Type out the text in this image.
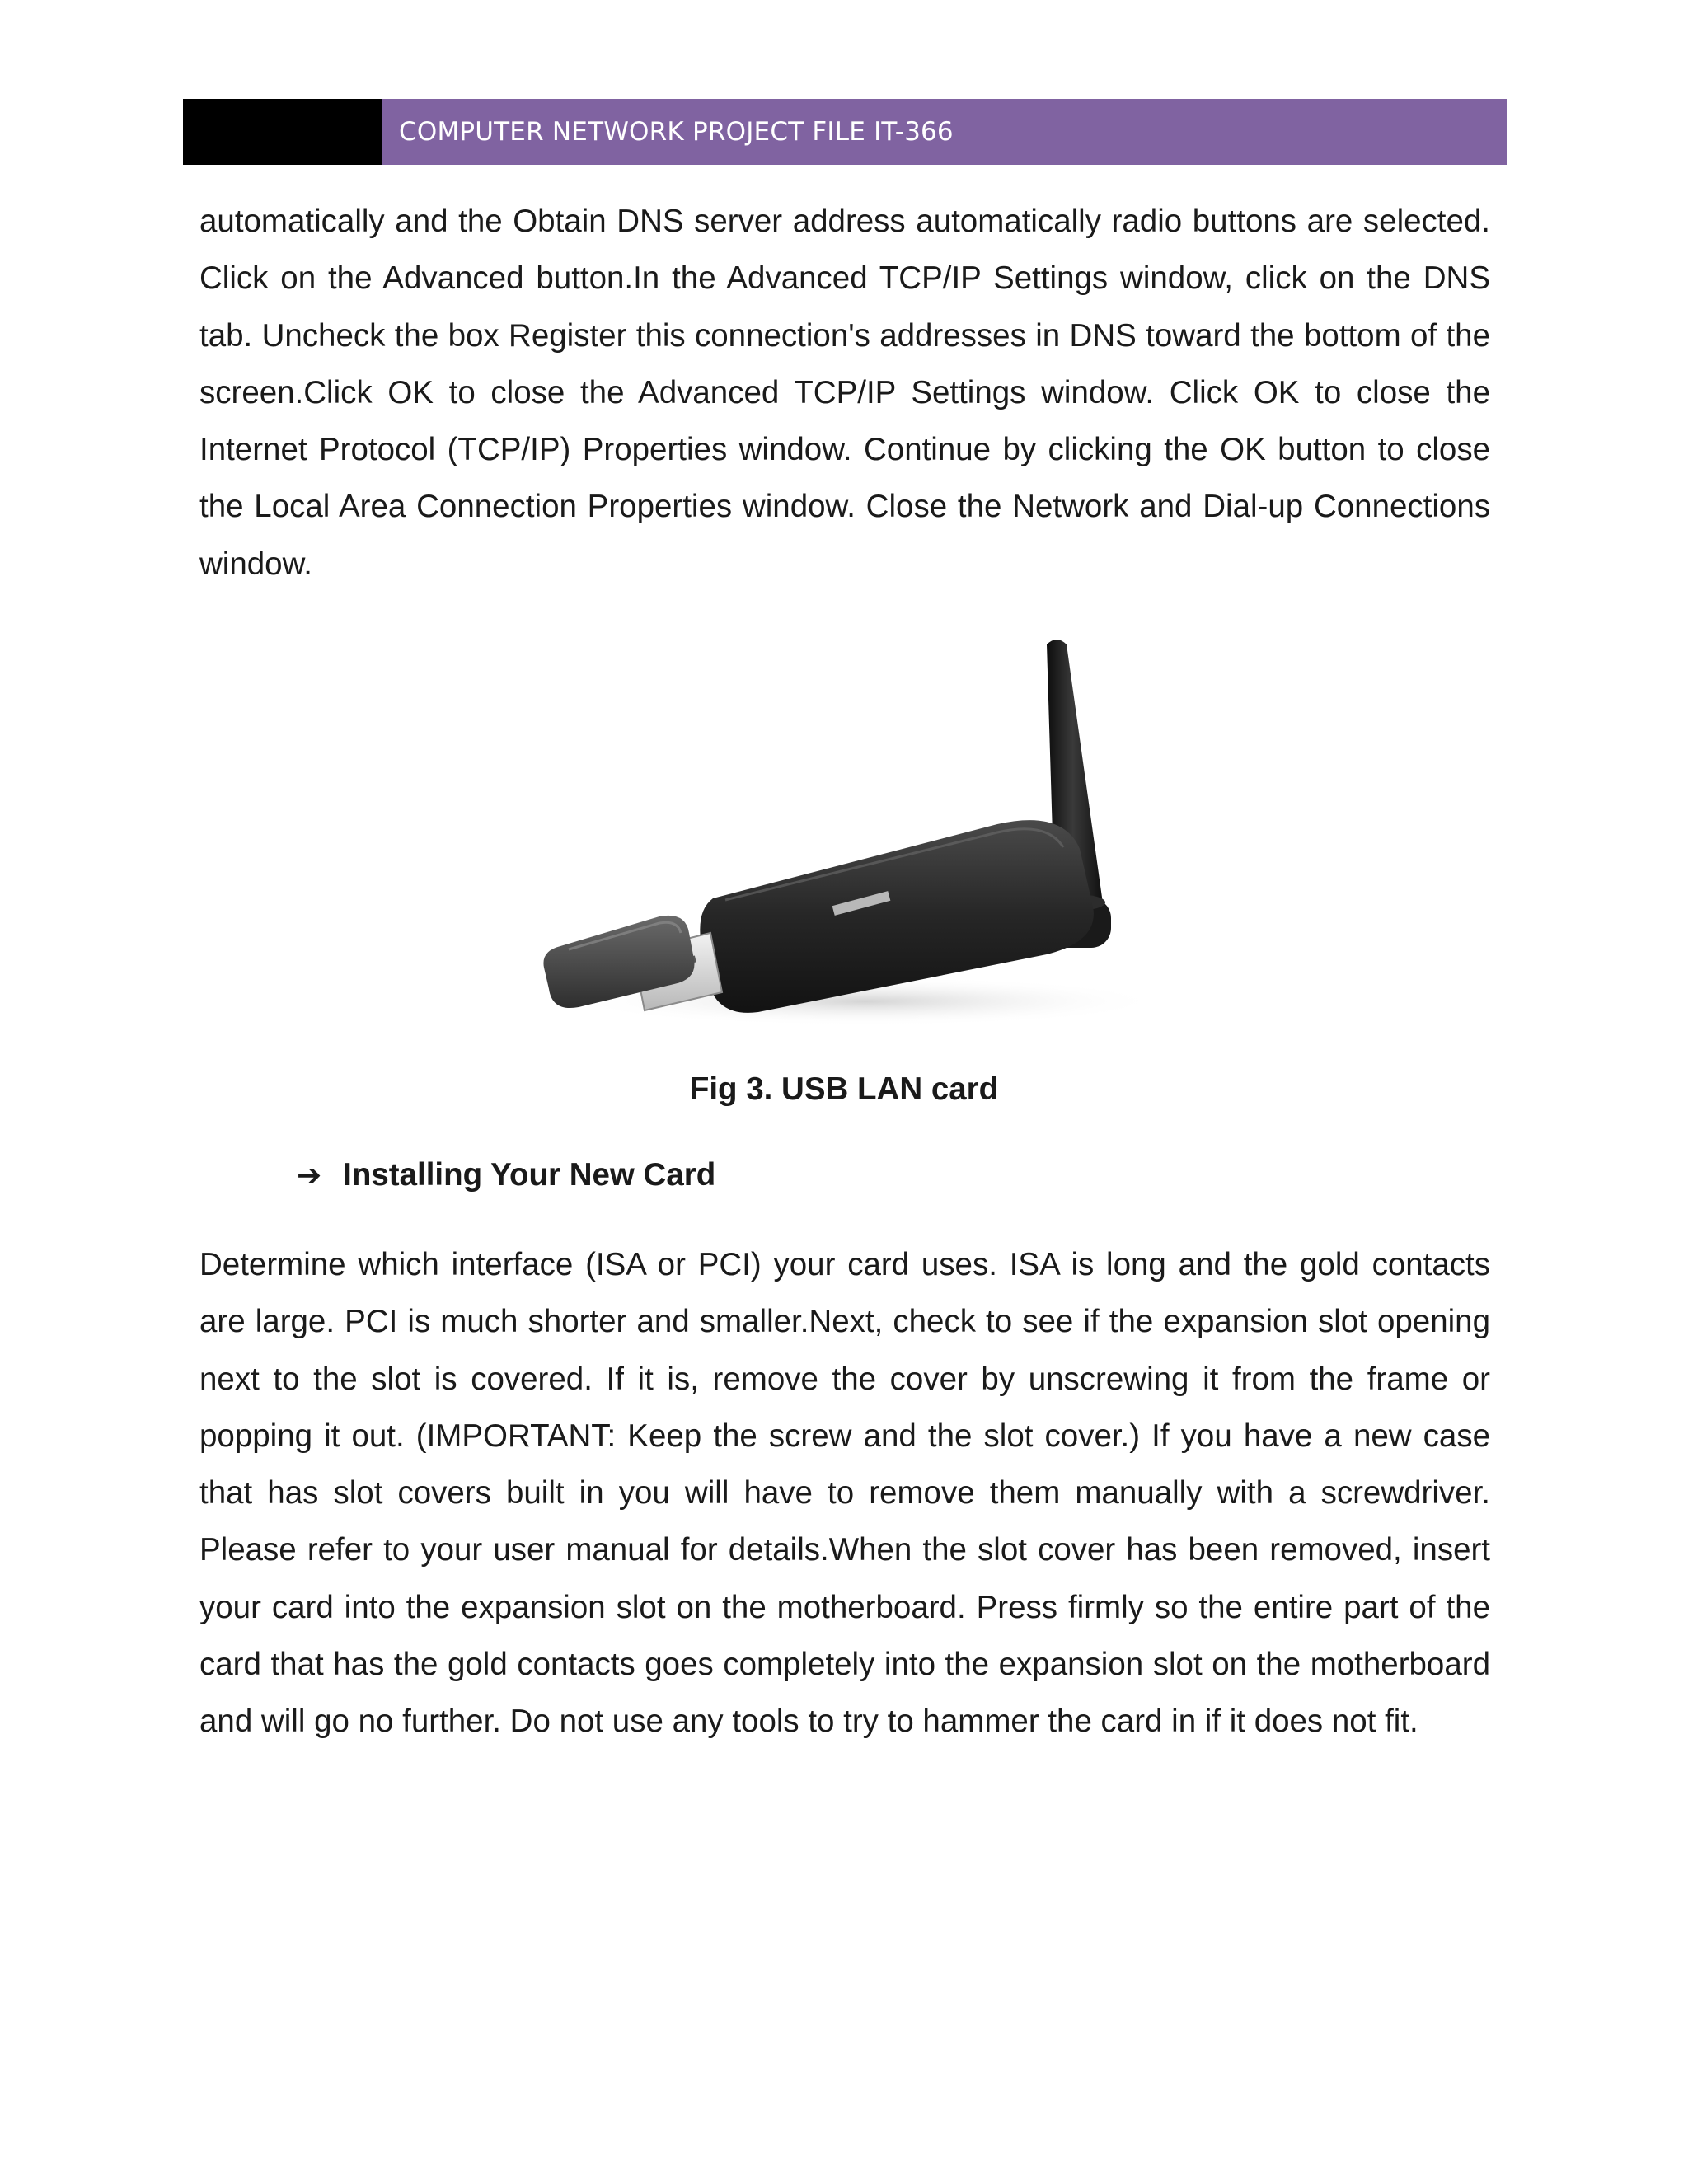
COMPUTER NETWORK PROJECT FILE IT-366

automatically and the Obtain DNS server address automatically radio buttons are selected. Click on the Advanced button.In the Advanced TCP/IP Settings window, click on the DNS tab. Uncheck the box Register this connection's addresses in DNS toward the bottom of the screen.Click OK to close the Advanced TCP/IP Settings window. Click OK to close the Internet Protocol (TCP/IP) Properties window. Continue by clicking the OK button to close the Local Area Connection Properties window. Close the Network and Dial-up Connections window.

Fig 3. USB LAN card
➔ Installing Your New Card

Determine which interface (ISA or PCI) your card uses. ISA is long and the gold contacts are large. PCI is much shorter and smaller.Next, check to see if the expansion slot opening next to the slot is covered. If it is, remove the cover by unscrewing it from the frame or popping it out. (IMPORTANT: Keep the screw and the slot cover.) If you have a new case that has slot covers built in you will have to remove them manually with a screwdriver. Please refer to your user manual for details.When the slot cover has been removed, insert your card into the expansion slot on the motherboard. Press firmly so the entire part of the card that has the gold contacts goes completely into the expansion slot on the motherboard and will go no further. Do not use any tools to try to hammer the card in if it does not fit.
